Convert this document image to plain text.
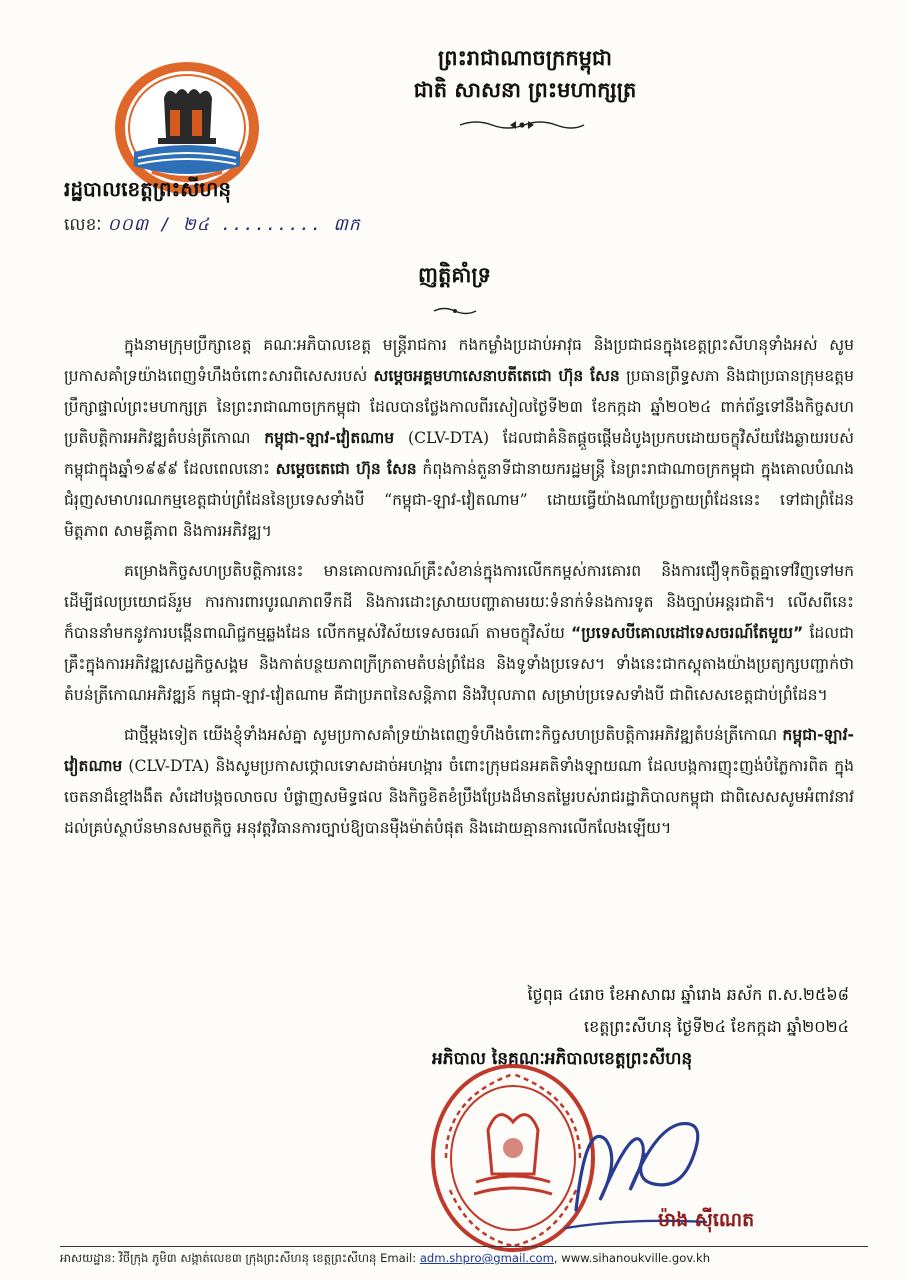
ព្រះរាជាណាចក្រកម្ពុជា
ជាតិ សាសនា ព្រះមហាក្សត្រ
រដ្ឋបាលខេត្តព្រះសីហនុ
លេខៈ ០០៣ / ២៤ ......... ៣ក
ញត្តិគាំទ្រ

ក្នុងនាមក្រុមប្រឹក្សាខេត្ត គណៈអភិបាលខេត្ត មន្ត្រីរាជការ កងកម្លាំងប្រដាប់អាវុធ និងប្រជាជនក្នុងខេត្តព្រះសីហនុទាំងអស់ សូមប្រកាសគាំទ្រយ៉ាងពេញទំហឹងចំពោះសារពិសេសរបស់ សម្ដេចអគ្គមហាសេនាបតីតេជោ ហ៊ុន សែន ប្រធានព្រឹទ្ធសភា និងជាប្រធានក្រុមឧត្តមប្រឹក្សាផ្ទាល់ព្រះមហាក្សត្រ នៃព្រះរាជាណាចក្រកម្ពុជា ដែលបានថ្លែងកាលពីរសៀលថ្ងៃទី២៣ ខែកក្កដា ឆ្នាំ២០២៤ ពាក់ព័ន្ធទៅនឹងកិច្ចសហប្រតិបត្តិការអភិវឌ្ឍតំបន់ត្រីកោណ កម្ពុជា-ឡាវ-វៀតណាម (CLV-DTA) ដែលជាគំនិតផ្តួចផ្តើមដំបូងប្រកបដោយចក្ខុវិស័យវែងឆ្ងាយរបស់កម្ពុជាក្នុងឆ្នាំ១៩៩៩ ដែលពេលនោះ សម្ដេចតេជោ ហ៊ុន សែន កំពុងកាន់តួនាទីជានាយករដ្ឋមន្ត្រី នៃព្រះរាជាណាចក្រកម្ពុជា ក្នុងគោលបំណងជំរុញសមាហរណកម្មខេត្តជាប់ព្រំដែននៃប្រទេសទាំងបី “កម្ពុជា-ឡាវ-វៀតណាម” ដោយធ្វើយ៉ាងណាប្រែក្លាយព្រំដែននេះ ទៅជាព្រំដែនមិត្តភាព សាមគ្គីភាព និងការអភិវឌ្ឍ។

គម្រោងកិច្ចសហប្រតិបត្តិការនេះ មានគោលការណ៍គ្រឹះសំខាន់ក្នុងការលើកកម្ពស់ការគោរព និងការជឿទុកចិត្តគ្នាទៅវិញទៅមក ដើម្បីផលប្រយោជន៍រួម ការការពារបូរណភាពទឹកដី និងការដោះស្រាយបញ្ហាតាមរយៈទំនាក់ទំនងការទូត និងច្បាប់អន្តរជាតិ។ លើសពីនេះក៏បាននាំមកនូវការបង្កើនពាណិជ្ជកម្មឆ្លងដែន លើកកម្ពស់វិស័យទេសចរណ៍ តាមចក្ខុវិស័យ “ប្រទេសបីគោលដៅទេសចរណ៍តែមួយ” ដែលជាគ្រឹះក្នុងការអភិវឌ្ឍសេដ្ឋកិច្ចសង្គម និងកាត់បន្ថយភាពក្រីក្រតាមតំបន់ព្រំដែន និងទូទាំងប្រទេស។ ទាំងនេះជាកស្តុតាងយ៉ាងប្រត្យក្សបញ្ជាក់ថា តំបន់ត្រីកោណអភិវឌ្ឍន៍ កម្ពុជា-ឡាវ-វៀតណាម គឺជាប្រភពនៃសន្តិភាព និងវិបុលភាព សម្រាប់ប្រទេសទាំងបី ជាពិសេសខេត្តជាប់ព្រំដែន។

ជាថ្មីម្តងទៀត យើងខ្ញុំទាំងអស់គ្នា សូមប្រកាសគាំទ្រយ៉ាងពេញទំហឹងចំពោះកិច្ចសហប្រតិបត្តិការអភិវឌ្ឍតំបន់ត្រីកោណ កម្ពុជា-ឡាវ-វៀតណាម (CLV-DTA) និងសូមប្រកាសថ្កោលទោសដាច់អហង្ការ ចំពោះក្រុមជនអគតិទាំងឡាយណា ដែលបង្កការញុះញង់បំភ្លៃការពិត ក្នុងចេតនាដ៏ខ្មៅងងឹត សំដៅបង្កចលាចល បំផ្លាញសមិទ្ធផល និងកិច្ចខិតខំប្រឹងប្រែងដ៏មានតម្លៃរបស់រាជរដ្ឋាភិបាលកម្ពុជា ជាពិសេសសូមអំពាវនាវដល់គ្រប់ស្ថាប័នមានសមត្ថកិច្ច អនុវត្តវិធានការច្បាប់ឱ្យបានម៉ឺងម៉ាត់បំផុត និងដោយគ្មានការលើកលែងឡើយ។

ថ្ងៃពុធ ៤រោច ខែអាសាឍ ឆ្នាំរោង ឆស័ក ព.ស.២៥៦៨
ខេត្តព្រះសីហនុ ថ្ងៃទី២៤ ខែកក្កដា ឆ្នាំ២០២៤
អភិបាល នៃគណៈអភិបាលខេត្តព្រះសីហនុ
ម៉ាង ស៊ីណេត
អាសយដ្ឋាន: វិថីក្រុង ភូមិ៣ សង្កាត់លេខ៣ ក្រុងព្រះសីហនុ ខេត្តព្រះសីហនុ Email: adm.shpro@gmail.com, www.sihanoukville.gov.kh
